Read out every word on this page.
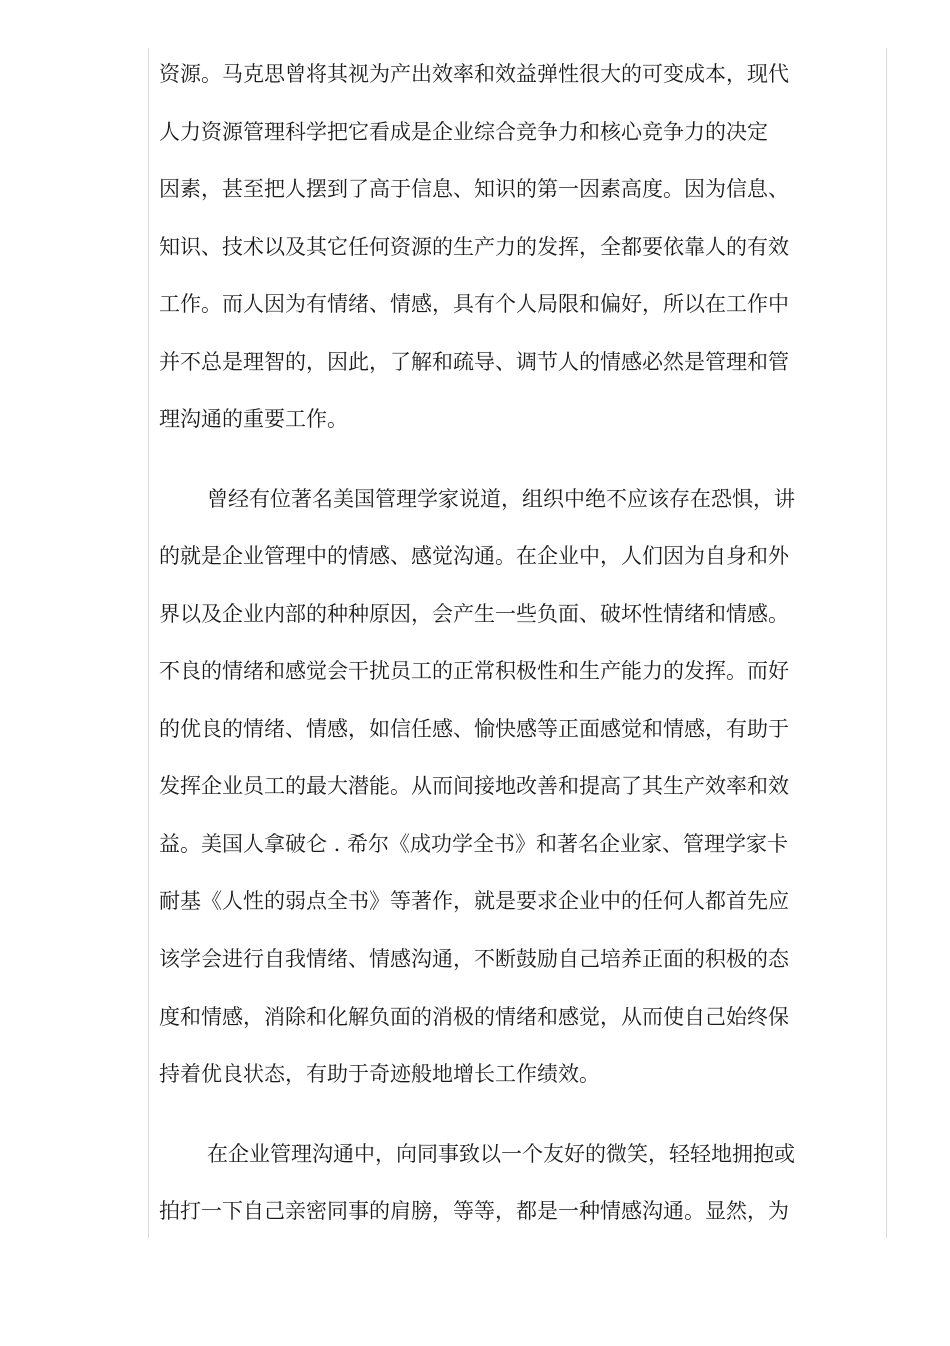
资源。马克思曾将其视为产出效率和效益弹性很大的可变成本，现代
人力资源管理科学把它看成是企业综合竞争力和核心竞争力的决定
因素，甚至把人摆到了高于信息、知识的第一因素高度。因为信息、
知识、技术以及其它任何资源的生产力的发挥，全都要依靠人的有效
工作。而人因为有情绪、情感，具有个人局限和偏好，所以在工作中
并不总是理智的，因此，了解和疏导、调节人的情感必然是管理和管
理沟通的重要工作。
曾经有位著名美国管理学家说道，组织中绝不应该存在恐惧，讲
的就是企业管理中的情感、感觉沟通。在企业中，人们因为自身和外
界以及企业内部的种种原因，会产生一些负面、破坏性情绪和情感。
不良的情绪和感觉会干扰员工的正常积极性和生产能力的发挥。而好
的优良的情绪、情感，如信任感、愉快感等正面感觉和情感，有助于
发挥企业员工的最大潜能。从而间接地改善和提高了其生产效率和效
益。美国人拿破仑 . 希尔《成功学全书》和著名企业家、管理学家卡
耐基《人性的弱点全书》等著作，就是要求企业中的任何人都首先应
该学会进行自我情绪、情感沟通，不断鼓励自己培养正面的积极的态
度和情感，消除和化解负面的消极的情绪和感觉，从而使自己始终保
持着优良状态，有助于奇迹般地增长工作绩效。
在企业管理沟通中，向同事致以一个友好的微笑，轻轻地拥抱或
拍打一下自己亲密同事的肩膀，等等，都是一种情感沟通。显然，为
